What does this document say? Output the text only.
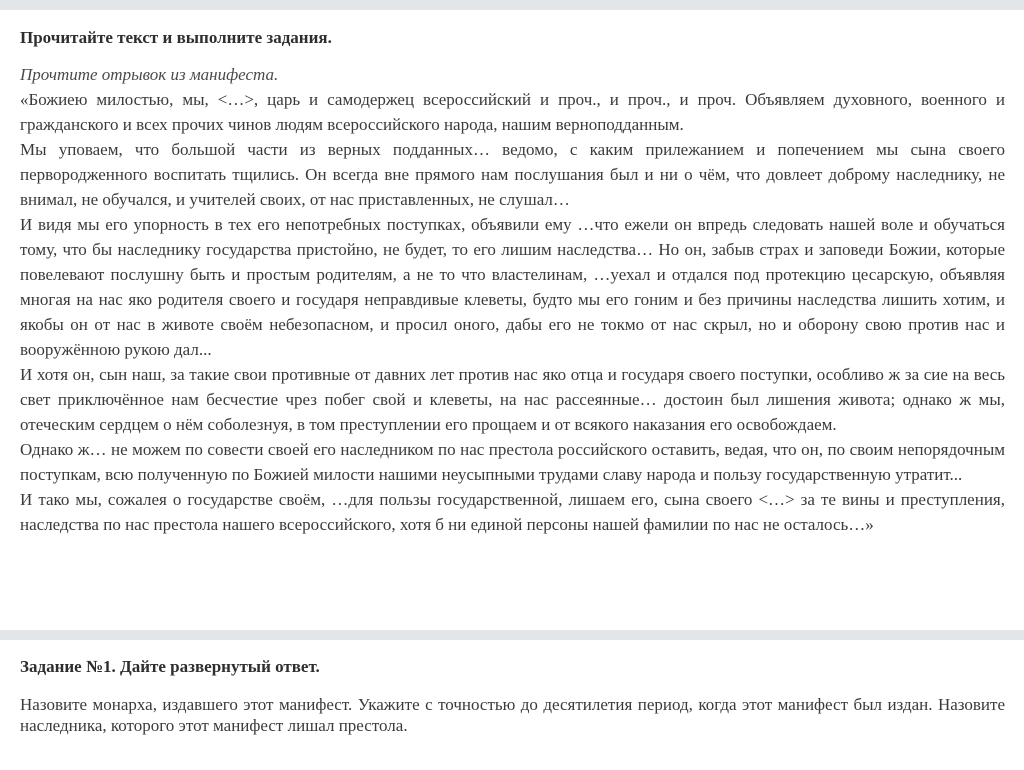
Прочитайте текст и выполните задания.

Прочтите отрывок из манифеста.

«Божиею милостью, мы, <…>, царь и самодержец всероссийский и проч., и проч., и проч. Объявляем духовного, военного и гражданского и всех прочих чинов людям всероссийского народа, нашим верноподданным.

Мы уповаем, что большой части из верных подданных… ведомо, с каким прилежанием и попечением мы сына своего первородженного воспитать тщились. Он всегда вне прямого нам послушания был и ни о чём, что довлеет доброму наследнику, не внимал, не обучался, и учителей своих, от нас приставленных, не слушал…

И видя мы его упорность в тех его непотребных поступках, объявили ему …что ежели он впредь следовать нашей воле и обучаться тому, что бы наследнику государства пристойно, не будет, то его лишим наследства… Но он, забыв страх и заповеди Божии, которые повелевают послушну быть и простым родителям, а не то что властелинам, …уехал и отдался под протекцию цесарскую, объявляя многая на нас яко родителя своего и государя неправдивые клеветы, будто мы его гоним и без причины наследства лишить хотим, и якобы он от нас в животе своём небезопасном, и просил оного, дабы его не токмо от нас скрыл, но и оборону свою против нас и вооружённою рукою дал...

И хотя он, сын наш, за такие свои противные от давних лет против нас яко отца и государя своего поступки, особливо ж за сие на весь свет приключённое нам бесчестие чрез побег свой и клеветы, на нас рассеянные… достоин был лишения живота; однако ж мы, отеческим сердцем о нём соболезнуя, в том преступлении его прощаем и от всякого наказания его освобождаем.

Однако ж… не можем по совести своей его наследником по нас престола российского оставить, ведая, что он, по своим непорядочным поступкам, всю полученную по Божией милости нашими неусыпными трудами славу народа и пользу государственную утратит...

И тако мы, сожалея о государстве своём, …для пользы государственной, лишаем его, сына своего <…> за те вины и преступления, наследства по нас престола нашего всероссийского, хотя б ни единой персоны нашей фамилии по нас не осталось…»

Задание №1. Дайте развернутый ответ.

Назовите монарха, издавшего этот манифест. Укажите с точностью до десятилетия период, когда этот манифест был издан. Назовите наследника, которого этот манифест лишал престола.
